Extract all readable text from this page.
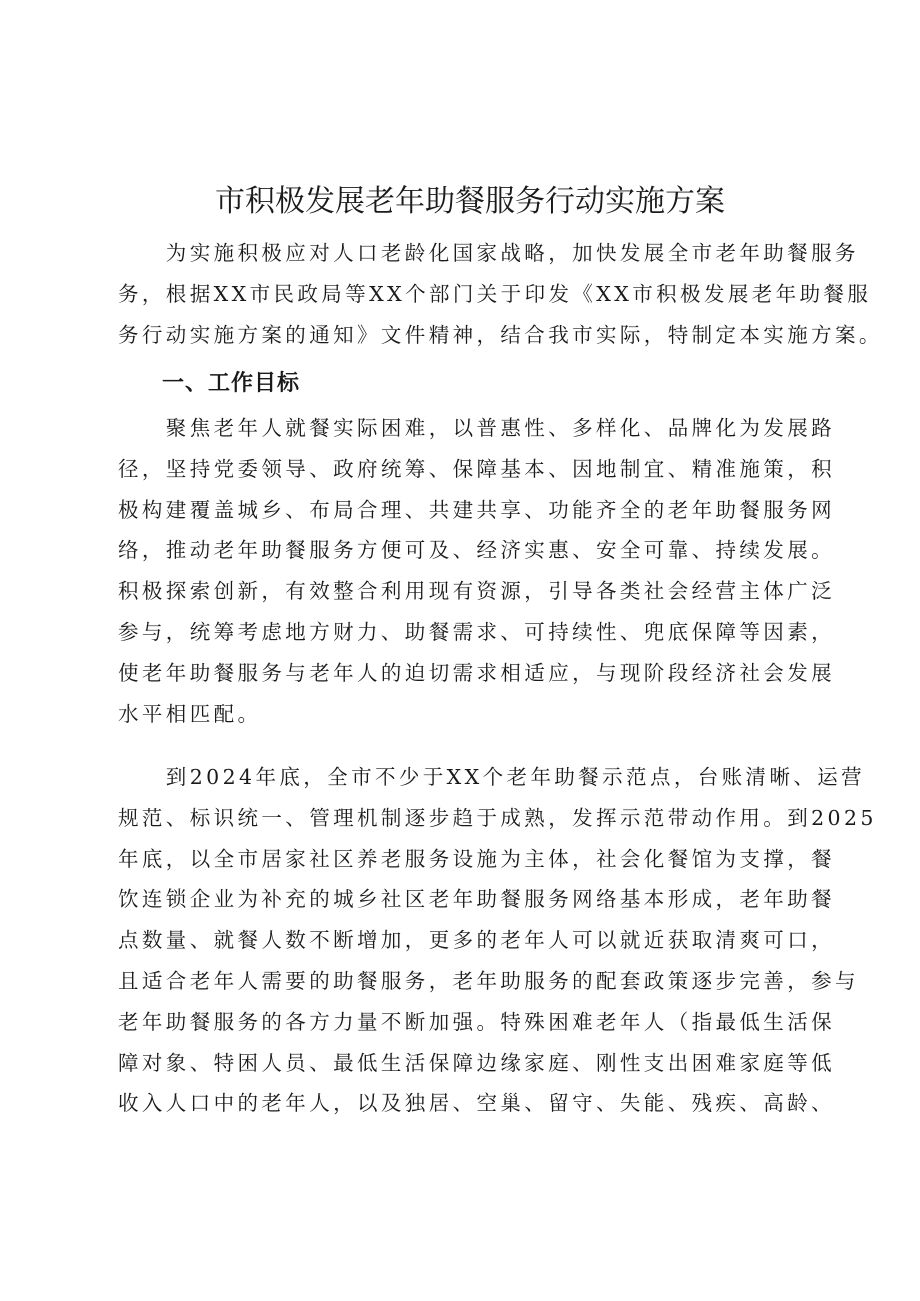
市积极发展老年助餐服务行动实施方案
　　为实施积极应对人口老龄化国家战略，加快发展全市老年助餐服务
务，根据XX市民政局等XX个部门关于印发《XX市积极发展老年助餐服
务行动实施方案的通知》文件精神，结合我市实际，特制定本实施方案。
一、工作目标
　　聚焦老年人就餐实际困难，以普惠性、多样化、品牌化为发展路
径，坚持党委领导、政府统筹、保障基本、因地制宜、精准施策，积
极构建覆盖城乡、布局合理、共建共享、功能齐全的老年助餐服务网
络，推动老年助餐服务方便可及、经济实惠、安全可靠、持续发展。
积极探索创新，有效整合利用现有资源，引导各类社会经营主体广泛
参与，统筹考虑地方财力、助餐需求、可持续性、兜底保障等因素，
使老年助餐服务与老年人的迫切需求相适应，与现阶段经济社会发展
水平相匹配。
　　到2024年底，全市不少于XX个老年助餐示范点，台账清晰、运营
规范、标识统一、管理机制逐步趋于成熟，发挥示范带动作用。到2025
年底，以全市居家社区养老服务设施为主体，社会化餐馆为支撑，餐
饮连锁企业为补充的城乡社区老年助餐服务网络基本形成，老年助餐
点数量、就餐人数不断增加，更多的老年人可以就近获取清爽可口，
且适合老年人需要的助餐服务，老年助服务的配套政策逐步完善，参与
老年助餐服务的各方力量不断加强。特殊困难老年人（指最低生活保
障对象、特困人员、最低生活保障边缘家庭、刚性支出困难家庭等低
收入人口中的老年人，以及独居、空巢、留守、失能、残疾、高龄、
